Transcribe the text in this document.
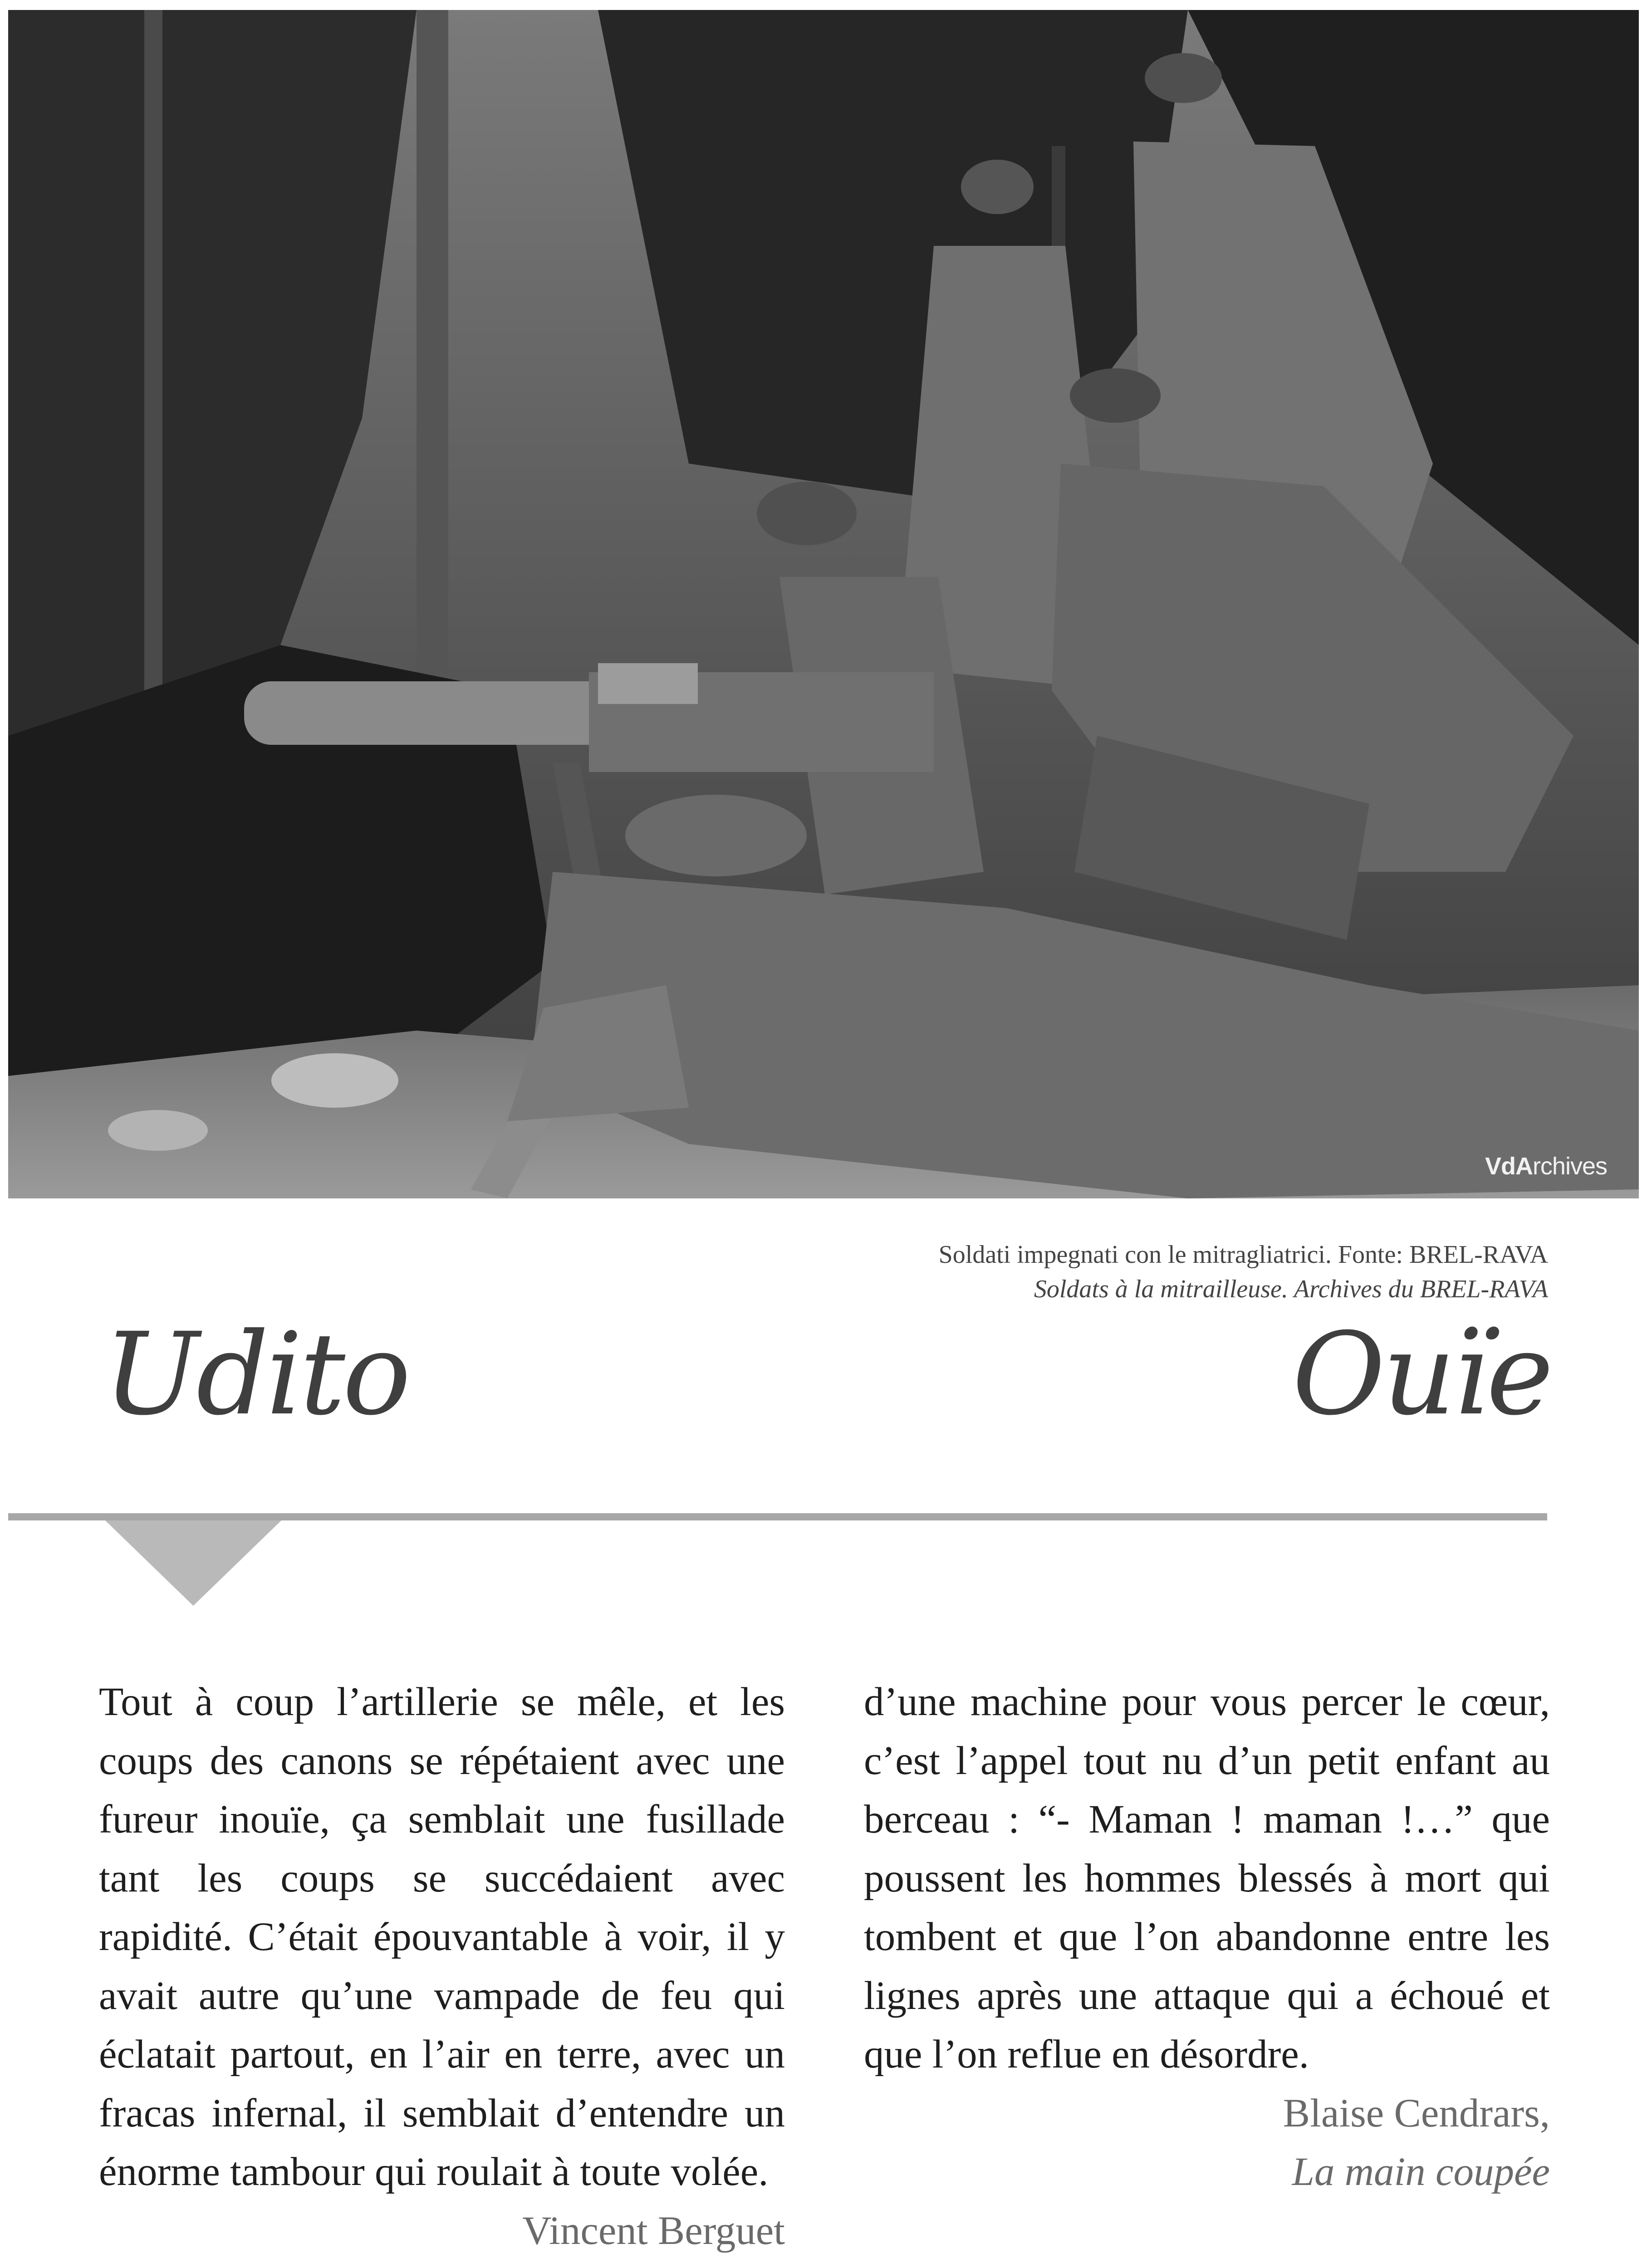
VdArchives
Soldati impegnati con le mitragliatrici. Fonte: BREL-RAVA
Soldats à la mitrailleuse. Archives du BREL-RAVA
Udito	Ouïe

Tout à coup l’artillerie se mêle, et les coups des canons se répétaient avec une fureur inouïe, ça semblait une fusillade tant les coups se succédaient avec rapidité. C’était épouvantable à voir, il y avait autre qu’une vampade de feu qui éclatait partout, en l’air en terre, avec un fracas infernal, il semblait d’entendre un énorme tambour qui roulait à toute volée.

Vincent Berguet

d’une machine pour vous percer le cœur, c’est l’appel tout nu d’un petit enfant au berceau : “- Maman ! maman !…” que poussent les hommes blessés à mort qui tombent et que l’on abandonne entre les lignes après une attaque qui a échoué et que l’on reflue en désordre.

Blaise Cendrars,

La main coupée
